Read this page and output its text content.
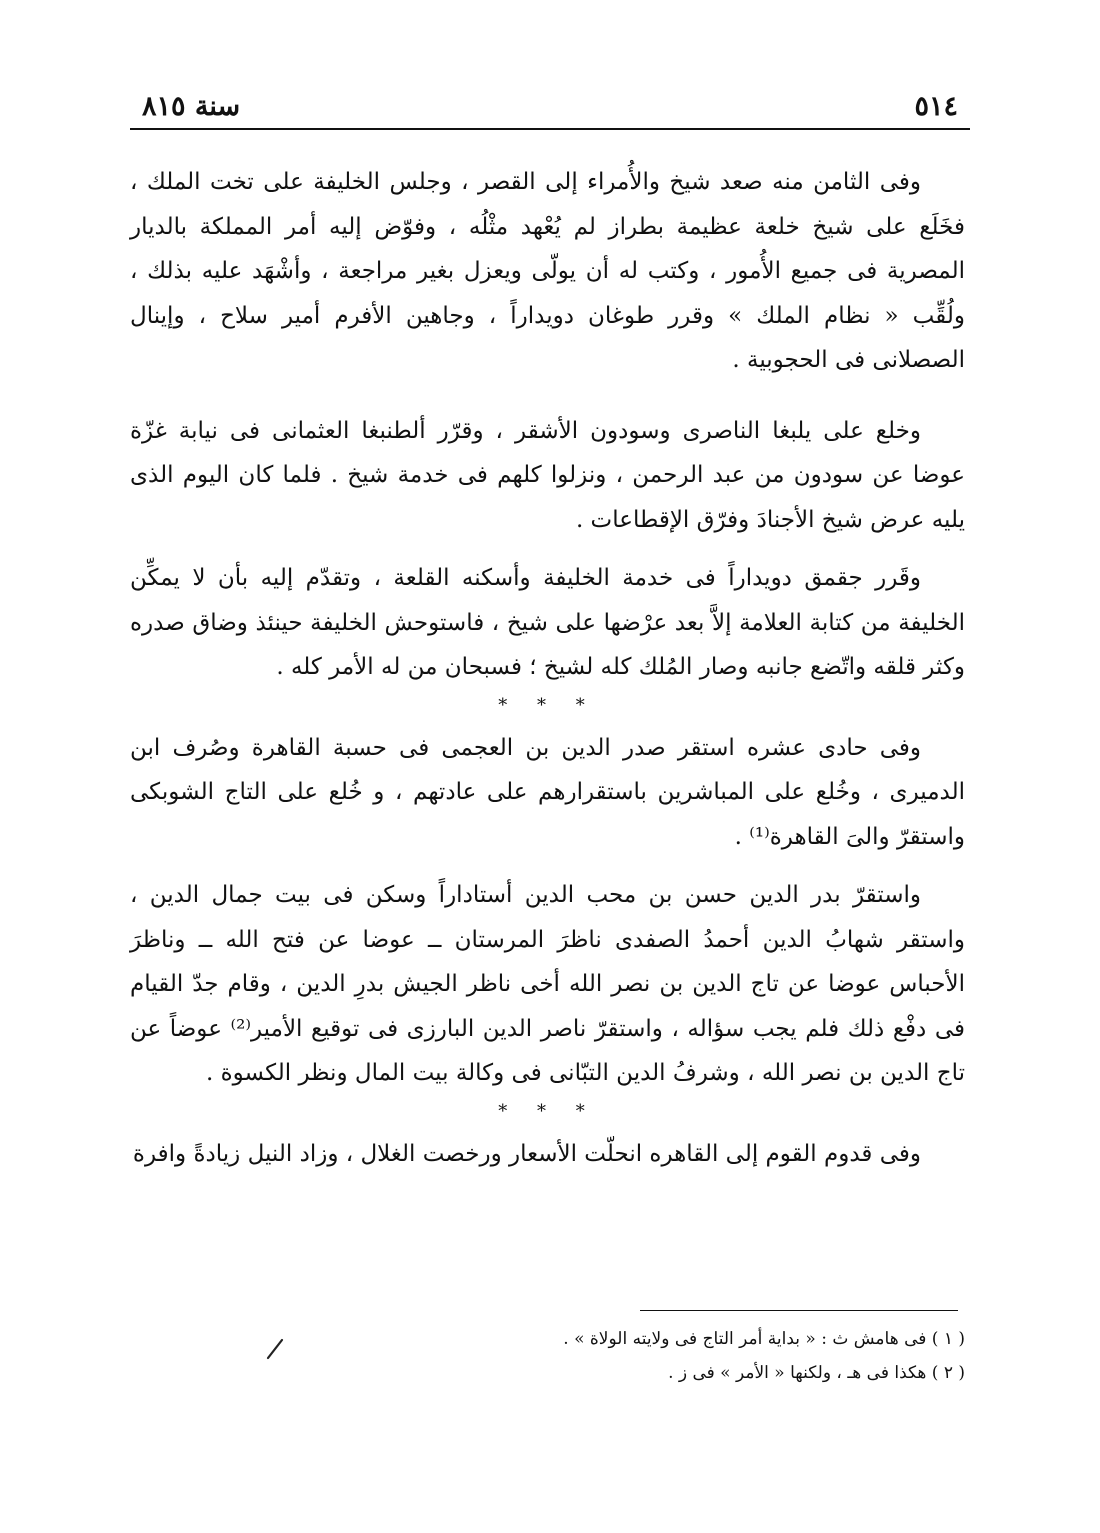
٥١٤
سنة ٨١٥

وفى الثامن منه صعد شيخ والأُمراء إلى القصر ، وجلس الخليفة على تخت الملك ، فخَلَع على شيخ خلعة عظيمة بطراز لم يُعْهد مثْلُه ، وفوّض إليه أمر المملكة بالديار المصرية فى جميع الأُمور ، وكتب له أن يولّى ويعزل بغير مراجعة ، وأشْهَد عليه بذلك ، ولُقِّب « نظام الملك » وقرر طوغان دويداراً ، وجاهين الأفرم أمير سلاح ، وإينال الصصلانى فى الحجوبية .

وخلع على يلبغا الناصرى وسودون الأشقر ، وقرّر ألطنبغا العثمانى فى نيابة غزّة عوضا عن سودون من عبد الرحمن ، ونزلوا كلهم فى خدمة شيخ . فلما كان اليوم الذى يليه عرض شيخ الأجنادَ وفرّق الإقطاعات .

وقَرر جقمق دويداراً فى خدمة الخليفة وأسكنه القلعة ، وتقدّم إليه بأن لا يمكِّن الخليفة من كتابة العلامة إلاَّ بعد عرْضها على شيخ ، فاستوحش الخليفة حينئذ وضاق صدره وكثر قلقه واتّضع جانبه وصار المُلك كله لشيخ ؛ فسبحان من له الأمر كله .

* * *

وفى حادى عشره استقر صدر الدين بن العجمى فى حسبة القاهرة وصُرف ابن الدميرى ، وخُلع على المباشرين باستقرارهم على عادتهم ، و خُلع على التاج الشوبكى واستقرّ والىَ القاهرة⁽¹⁾ .

واستقرّ بدر الدين حسن بن محب الدين أستاداراً وسكن فى بيت جمال الدين ، واستقر شهابُ الدين أحمدُ الصفدى ناظرَ المرستان ــ عوضا عن فتح الله ــ وناظرَ الأحباس عوضا عن تاج الدين بن نصر الله أخى ناظر الجيش بدرِ الدين ، وقام جدّ القيام فى دفْع ذلك فلم يجب سؤاله ، واستقرّ ناصر الدين البارزى فى توقيع الأمير⁽²⁾ عوضاً عن تاج الدين بن نصر الله ، وشرفُ الدين التبّانى فى وكالة بيت المال ونظر الكسوة .

* * *

وفى قدوم القوم إلى القاهره انحلّت الأسعار ورخصت الغلال ، وزاد النيل زيادةً وافرة

( ١ ) فى هامش ث : « بداية أمر التاج فى ولايته الولاة » .

( ٢ ) هكذا فى هـ ، ولكنها « الأمر » فى ز .
